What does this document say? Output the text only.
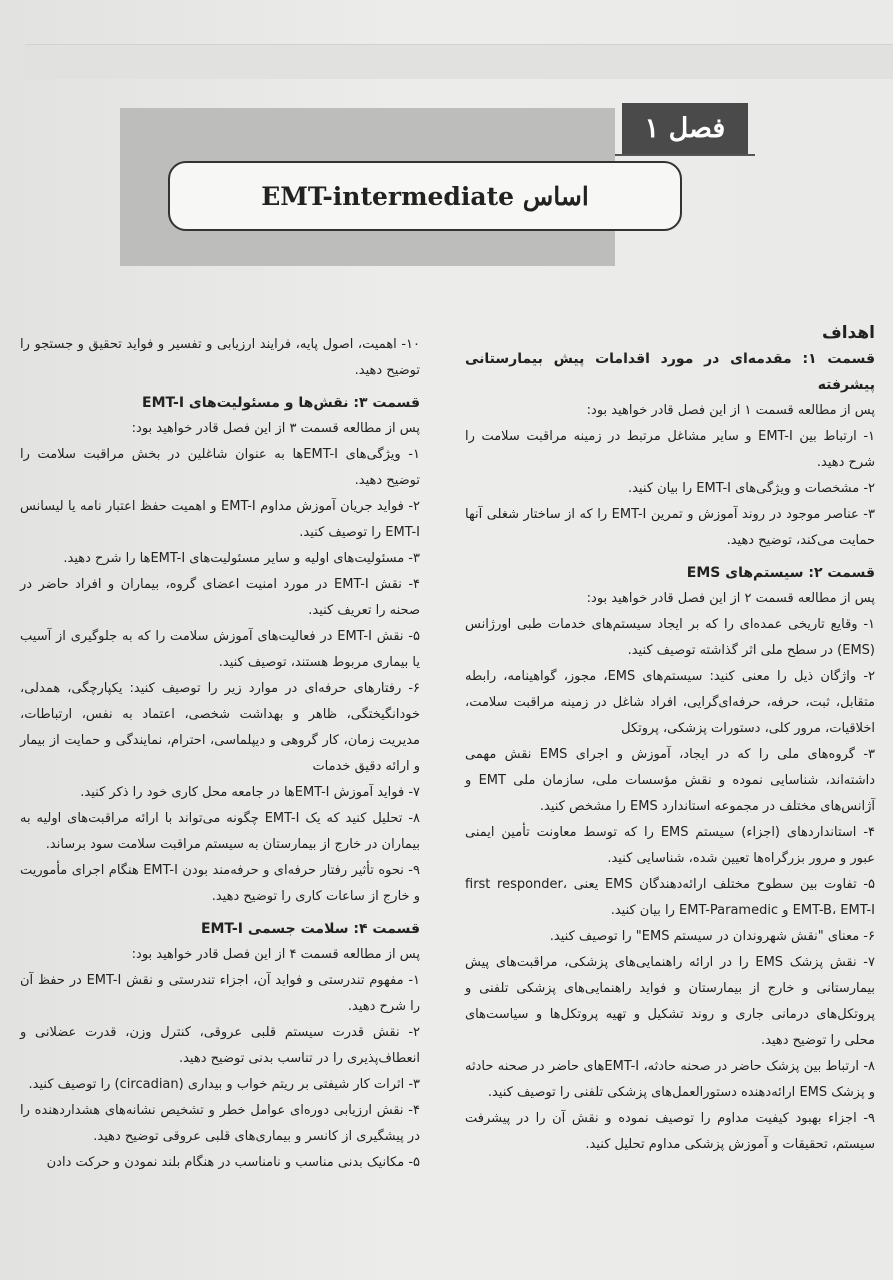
فصل ۱
اساس EMT-intermediate

اهداف

قسمت ۱: مقدمه‌ای در مورد اقدامات پیش بیمارستانی پیشرفته

پس از مطالعه قسمت ۱ از این فصل قادر خواهید بود:

۱- ارتباط بین EMT-I و سایر مشاغل مرتبط در زمینه مراقبت سلامت را شرح دهید.

۲- مشخصات و ویژگی‌های EMT-I را بیان کنید.

۳- عناصر موجود در روند آموزش و تمرین EMT-I را که از ساختار شغلی آنها حمایت می‌کند، توضیح دهید.

قسمت ۲: سیستم‌های EMS

پس از مطالعه قسمت ۲ از این فصل قادر خواهید بود:

۱- وقایع تاریخی عمده‌ای را که بر ایجاد سیستم‌های خدمات طبی اورژانس (EMS) در سطح ملی اثر گذاشته توصیف کنید.

۲- واژگان ذیل را معنی کنید: سیستم‌های EMS، مجوز، گواهینامه، رابطه متقابل، ثبت، حرفه، حرفه‌ای‌گرایی، افراد شاغل در زمینه مراقبت سلامت، اخلاقیات، مرور کلی، دستورات پزشکی، پروتکل

۳- گروه‌های ملی را که در ایجاد، آموزش و اجرای EMS نقش مهمی داشته‌اند، شناسایی نموده و نقش مؤسسات ملی، سازمان ملی EMT و آژانس‌های مختلف در مجموعه استاندارد EMS را مشخص کنید.

۴- استانداردهای (اجزاء) سیستم EMS را که توسط معاونت تأمین ایمنی عبور و مرور بزرگراه‌ها تعیین شده، شناسایی کنید.

۵- تفاوت بین سطوح مختلف ارائه‌دهندگان EMS یعنی first responder، EMT-B، EMT-I و EMT-Paramedic را بیان کنید.

۶- معنای "نقش شهروندان در سیستم EMS" را توصیف کنید.

۷- نقش پزشک EMS را در ارائه راهنمایی‌های پزشکی، مراقبت‌های پیش بیمارستانی و خارج از بیمارستان و فواید راهنمایی‌های پزشکی تلفنی و پروتکل‌های درمانی جاری و روند تشکیل و تهیه پروتکل‌ها و سیاست‌های محلی را توضیح دهید.

۸- ارتباط بین پزشک حاضر در صحنه حادثه، EMT-Iهای حاضر در صحنه حادثه و پزشک EMS ارائه‌دهنده دستورالعمل‌های پزشکی تلفنی را توصیف کنید.

۹- اجزاء بهبود کیفیت مداوم را توصیف نموده و نقش آن را در پیشرفت سیستم، تحقیقات و آموزش پزشکی مداوم تحلیل کنید.

۱۰- اهمیت، اصول پایه، فرایند ارزیابی و تفسیر و فواید تحقیق و جستجو را توضیح دهید.

قسمت ۳: نقش‌ها و مسئولیت‌های EMT-I

پس از مطالعه قسمت ۳ از این فصل قادر خواهید بود:

۱- ویژگی‌های EMT-Iها به عنوان شاغلین در بخش مراقبت سلامت را توضیح دهید.

۲- فواید جریان آموزش مداوم EMT-I و اهمیت حفظ اعتبار نامه یا لیسانس EMT-I را توصیف کنید.

۳- مسئولیت‌های اولیه و سایر مسئولیت‌های EMT-Iها را شرح دهید.

۴- نقش EMT-I در مورد امنیت اعضای گروه، بیماران و افراد حاضر در صحنه را تعریف کنید.

۵- نقش EMT-I در فعالیت‌های آموزش سلامت را که به جلوگیری از آسیب یا بیماری مربوط هستند، توصیف کنید.

۶- رفتارهای حرفه‌ای در موارد زیر را توصیف کنید: یکپارچگی، همدلی، خودانگیختگی، ظاهر و بهداشت شخصی، اعتماد به نفس، ارتباطات، مدیریت زمان، کار گروهی و دیپلماسی، احترام، نمایندگی و حمایت از بیمار و ارائه دقیق خدمات

۷- فواید آموزش EMT-Iها در جامعه محل کاری خود را ذکر کنید.

۸- تحلیل کنید که یک EMT-I چگونه می‌تواند با ارائه مراقبت‌های اولیه به بیماران در خارج از بیمارستان به سیستم مراقبت سلامت سود برساند.

۹- نحوه تأثیر رفتار حرفه‌ای و حرفه‌مند بودن EMT-I هنگام اجرای مأموریت و خارج از ساعات کاری را توضیح دهید.

قسمت ۴: سلامت جسمی EMT-I

پس از مطالعه قسمت ۴ از این فصل قادر خواهید بود:

۱- مفهوم تندرستی و فواید آن، اجزاء تندرستی و نقش EMT-I در حفظ آن را شرح دهید.

۲- نقش قدرت سیستم قلبی عروقی، کنترل وزن، قدرت عضلانی و انعطاف‌پذیری را در تناسب بدنی توضیح دهید.

۳- اثرات کار شیفتی بر ریتم خواب و بیداری (circadian) را توصیف کنید.

۴- نقش ارزیابی دوره‌ای عوامل خطر و تشخیص نشانه‌های هشداردهنده را در پیشگیری از کانسر و بیماری‌های قلبی عروقی توضیح دهید.

۵- مکانیک بدنی مناسب و نامناسب در هنگام بلند نمودن و حرکت دادن
